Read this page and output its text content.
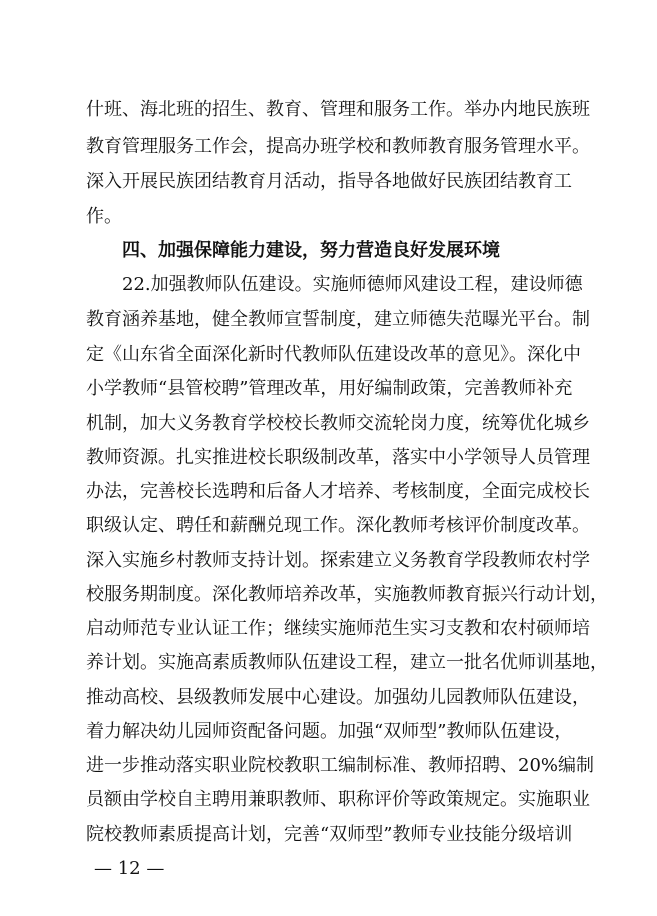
什班、海北班的招生、教育、管理和服务工作。举办内地民族班
教育管理服务工作会，提高办班学校和教师教育服务管理水平。
深入开展民族团结教育月活动，指导各地做好民族团结教育工
作。
四、加强保障能力建设，努力营造良好发展环境
22.加强教师队伍建设。实施师德师风建设工程，建设师德
教育涵养基地，健全教师宣誓制度，建立师德失范曝光平台。制
定《山东省全面深化新时代教师队伍建设改革的意见》。深化中
小学教师“县管校聘”管理改革，用好编制政策，完善教师补充
机制，加大义务教育学校校长教师交流轮岗力度，统筹优化城乡
教师资源。扎实推进校长职级制改革，落实中小学领导人员管理
办法，完善校长选聘和后备人才培养、考核制度，全面完成校长
职级认定、聘任和薪酬兑现工作。深化教师考核评价制度改革。
深入实施乡村教师支持计划。探索建立义务教育学段教师农村学
校服务期制度。深化教师培养改革，实施教师教育振兴行动计划，
启动师范专业认证工作；继续实施师范生实习支教和农村硕师培
养计划。实施高素质教师队伍建设工程，建立一批名优师训基地，
推动高校、县级教师发展中心建设。加强幼儿园教师队伍建设，
着力解决幼儿园师资配备问题。加强“双师型”教师队伍建设，
进一步推动落实职业院校教职工编制标准、教师招聘、20%编制
员额由学校自主聘用兼职教师、职称评价等政策规定。实施职业
院校教师素质提高计划，完善“双师型”教师专业技能分级培训
— 12 —
